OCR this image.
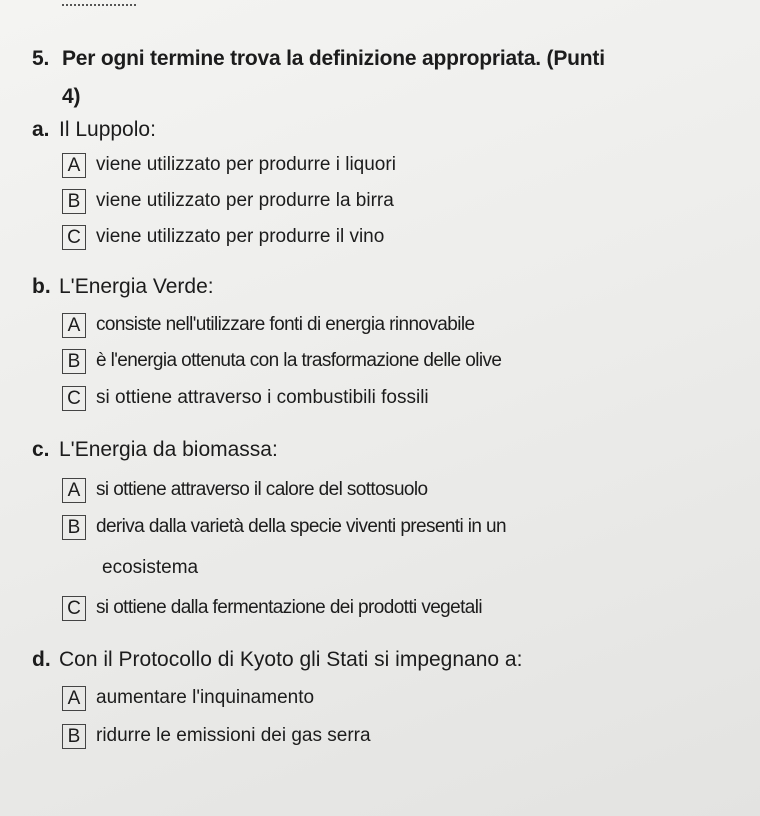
5. Per ogni termine trova la definizione appropriata. (Punti
4)
a. Il Luppolo:
A viene utilizzato per produrre i liquori
B viene utilizzato per produrre la birra
C viene utilizzato per produrre il vino
b. L'Energia Verde:
A consiste nell'utilizzare fonti di energia rinnovabile
B è l'energia ottenuta con la trasformazione delle olive
C si ottiene attraverso i combustibili fossili
c. L'Energia da biomassa:
A si ottiene attraverso il calore del sottosuolo
B deriva dalla varietà della specie viventi presenti in un
ecosistema
C si ottiene dalla fermentazione dei prodotti vegetali
d. Con il Protocollo di Kyoto gli Stati si impegnano a:
A aumentare l'inquinamento
B ridurre le emissioni dei gas serra
